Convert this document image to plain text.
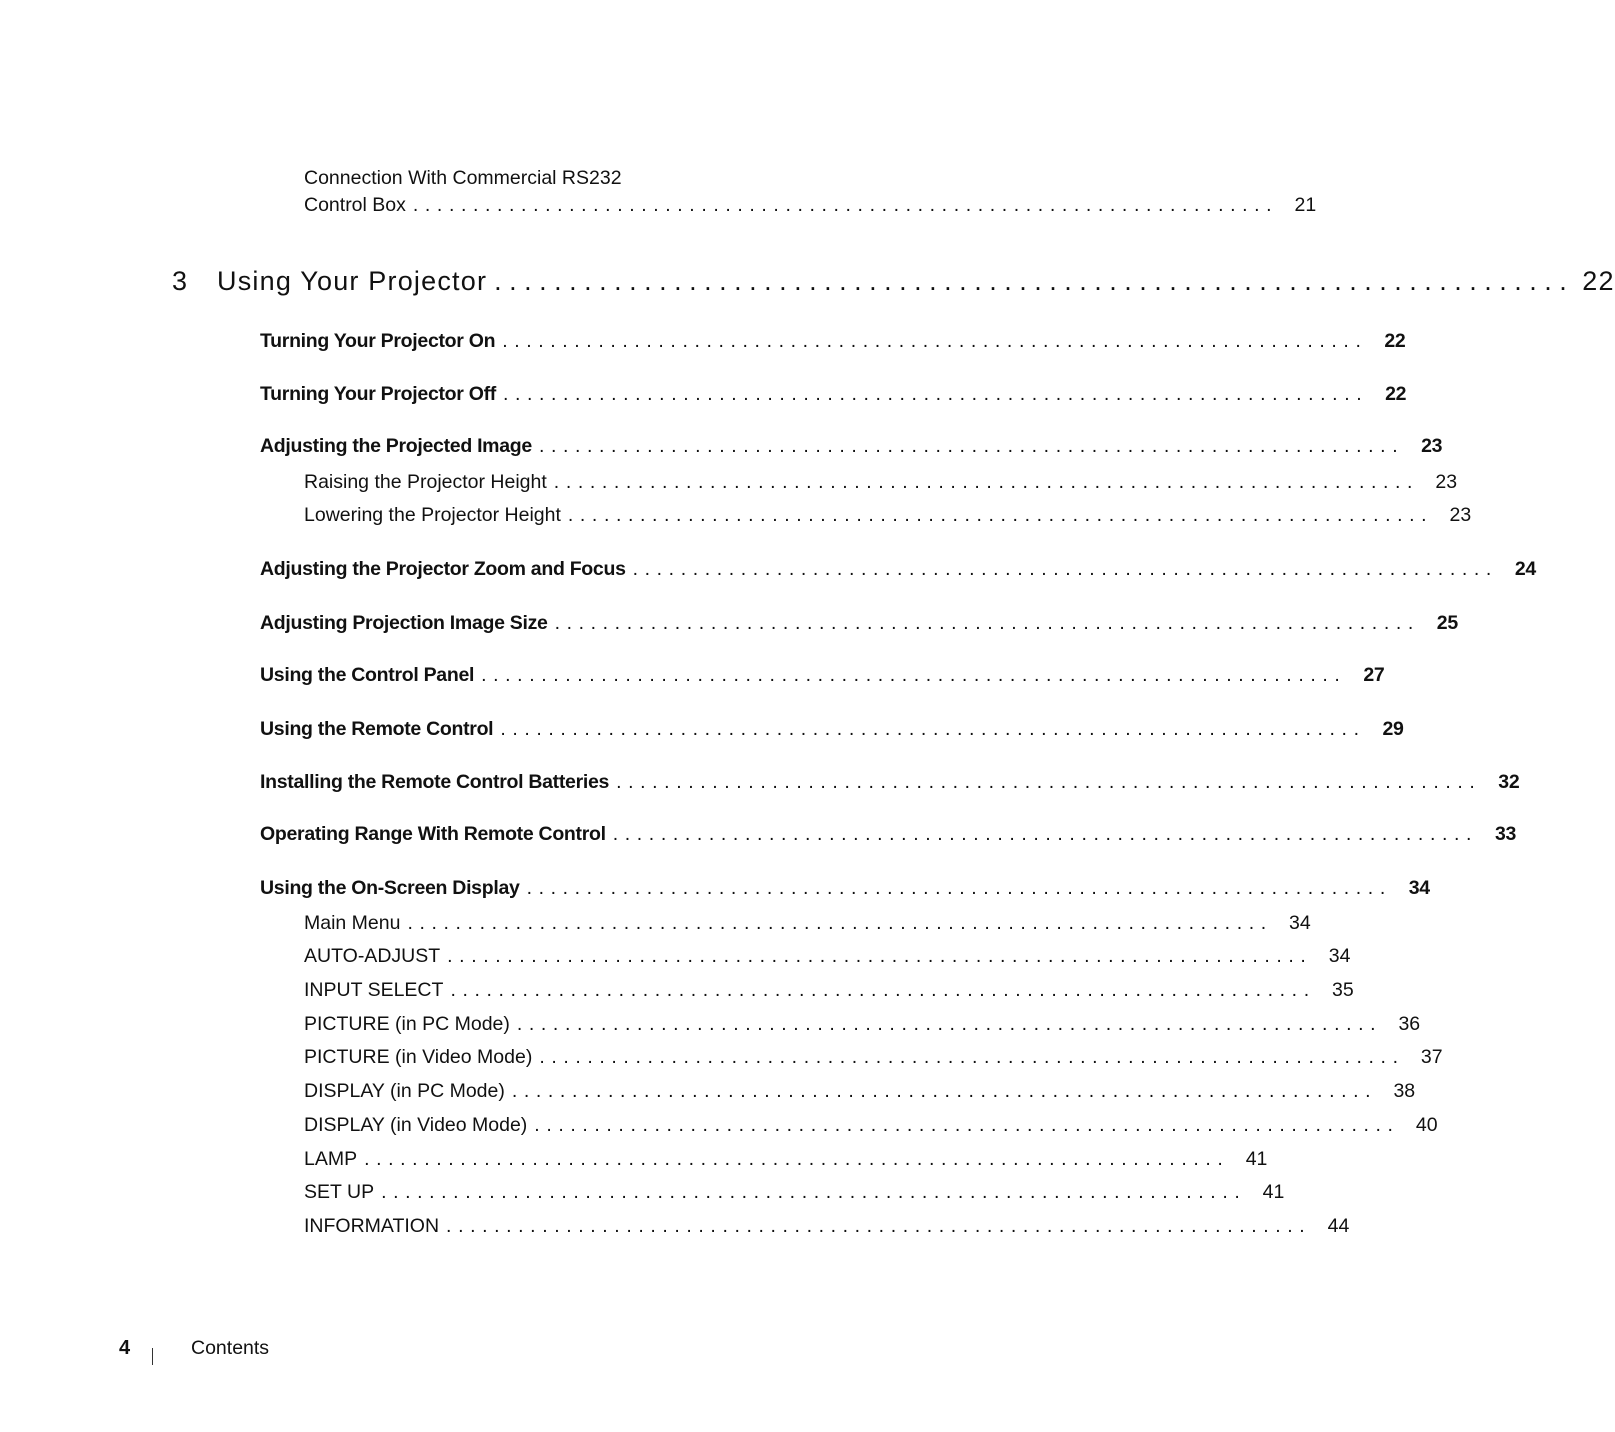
Connection With Commercial RS232
Control Box ........................................................................ 21
3 Using Your Projector ........................................................................ 22
Turning Your Projector On ........................................................................ 22
Turning Your Projector Off ........................................................................ 22
Adjusting the Projected Image ........................................................................ 23
Raising the Projector Height ........................................................................ 23
Lowering the Projector Height ........................................................................ 23
Adjusting the Projector Zoom and Focus ........................................................................ 24
Adjusting Projection Image Size ........................................................................ 25
Using the Control Panel ........................................................................ 27
Using the Remote Control ........................................................................ 29
Installing the Remote Control Batteries ........................................................................ 32
Operating Range With Remote Control ........................................................................ 33
Using the On-Screen Display ........................................................................ 34
Main Menu ........................................................................ 34
AUTO-ADJUST ........................................................................ 34
INPUT SELECT ........................................................................ 35
PICTURE (in PC Mode) ........................................................................ 36
PICTURE (in Video Mode) ........................................................................ 37
DISPLAY (in PC Mode) ........................................................................ 38
DISPLAY (in Video Mode) ........................................................................ 40
LAMP ........................................................................ 41
SET UP ........................................................................ 41
INFORMATION ........................................................................ 44
4	Contents
